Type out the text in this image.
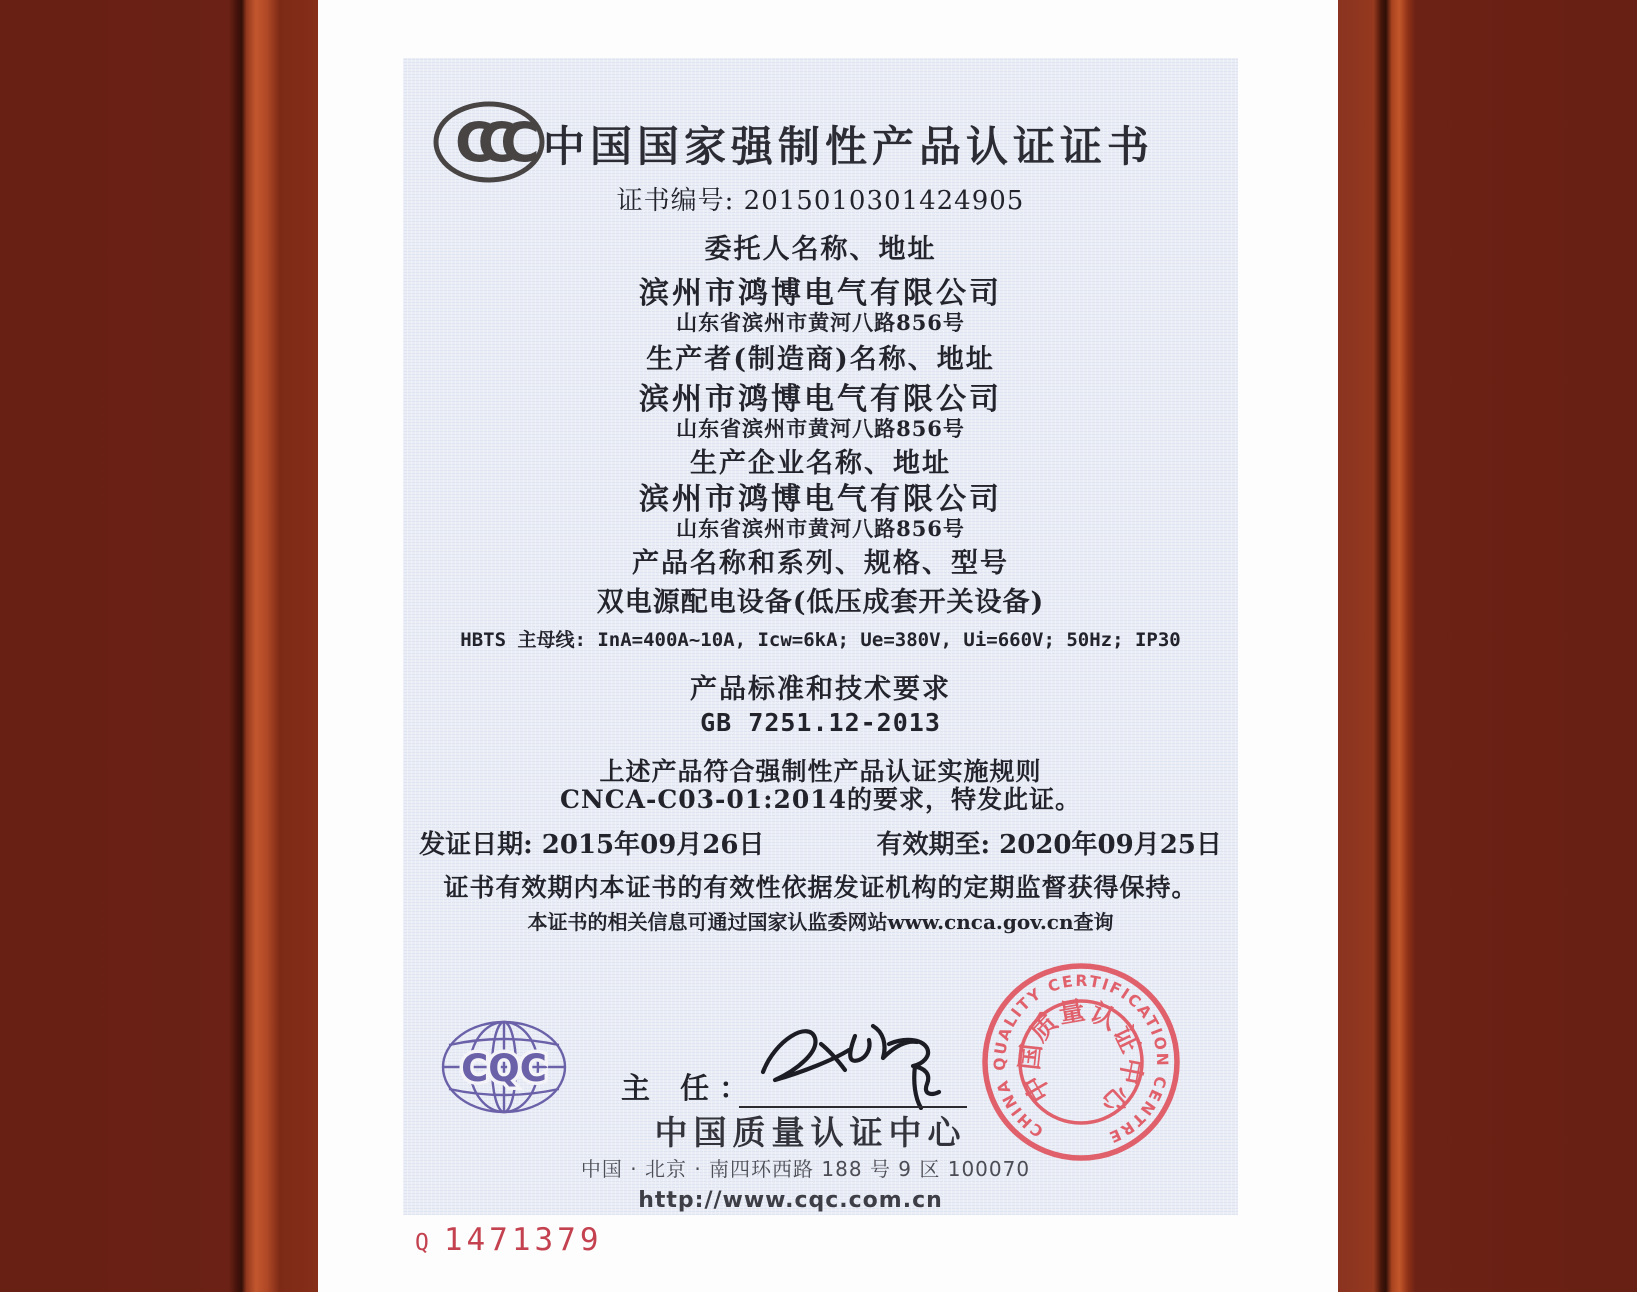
CCC 中国国家强制性产品认证证书
证书编号: 2015010301424905
委托人名称、地址
滨州市鸿博电气有限公司
山东省滨州市黄河八路856号
生产者(制造商)名称、地址
滨州市鸿博电气有限公司
山东省滨州市黄河八路856号
生产企业名称、地址
滨州市鸿博电气有限公司
山东省滨州市黄河八路856号
产品名称和系列、规格、型号
双电源配电设备(低压成套开关设备)
HBTS 主母线: InA=400A~10A, Icw=6kA; Ue=380V, Ui=660V; 50Hz; IP30
产品标准和技术要求
GB 7251.12-2013
上述产品符合强制性产品认证实施规则
CNCA-C03-01:2014的要求，特发此证。
发证日期: 2015年09月26日	有效期至: 2020年09月25日
证书有效期内本证书的有效性依据发证机构的定期监督获得保持。
本证书的相关信息可通过国家认监委网站www.cnca.gov.cn查询
CQC	主 任：
中国质量认证中心
中国 · 北京 · 南四环西路 188 号 9 区 100070
http://www.cqc.com.cn
CHINA QUALITY CERTIFICATION CENTRE
中国质量认证中心
Q 1471379
